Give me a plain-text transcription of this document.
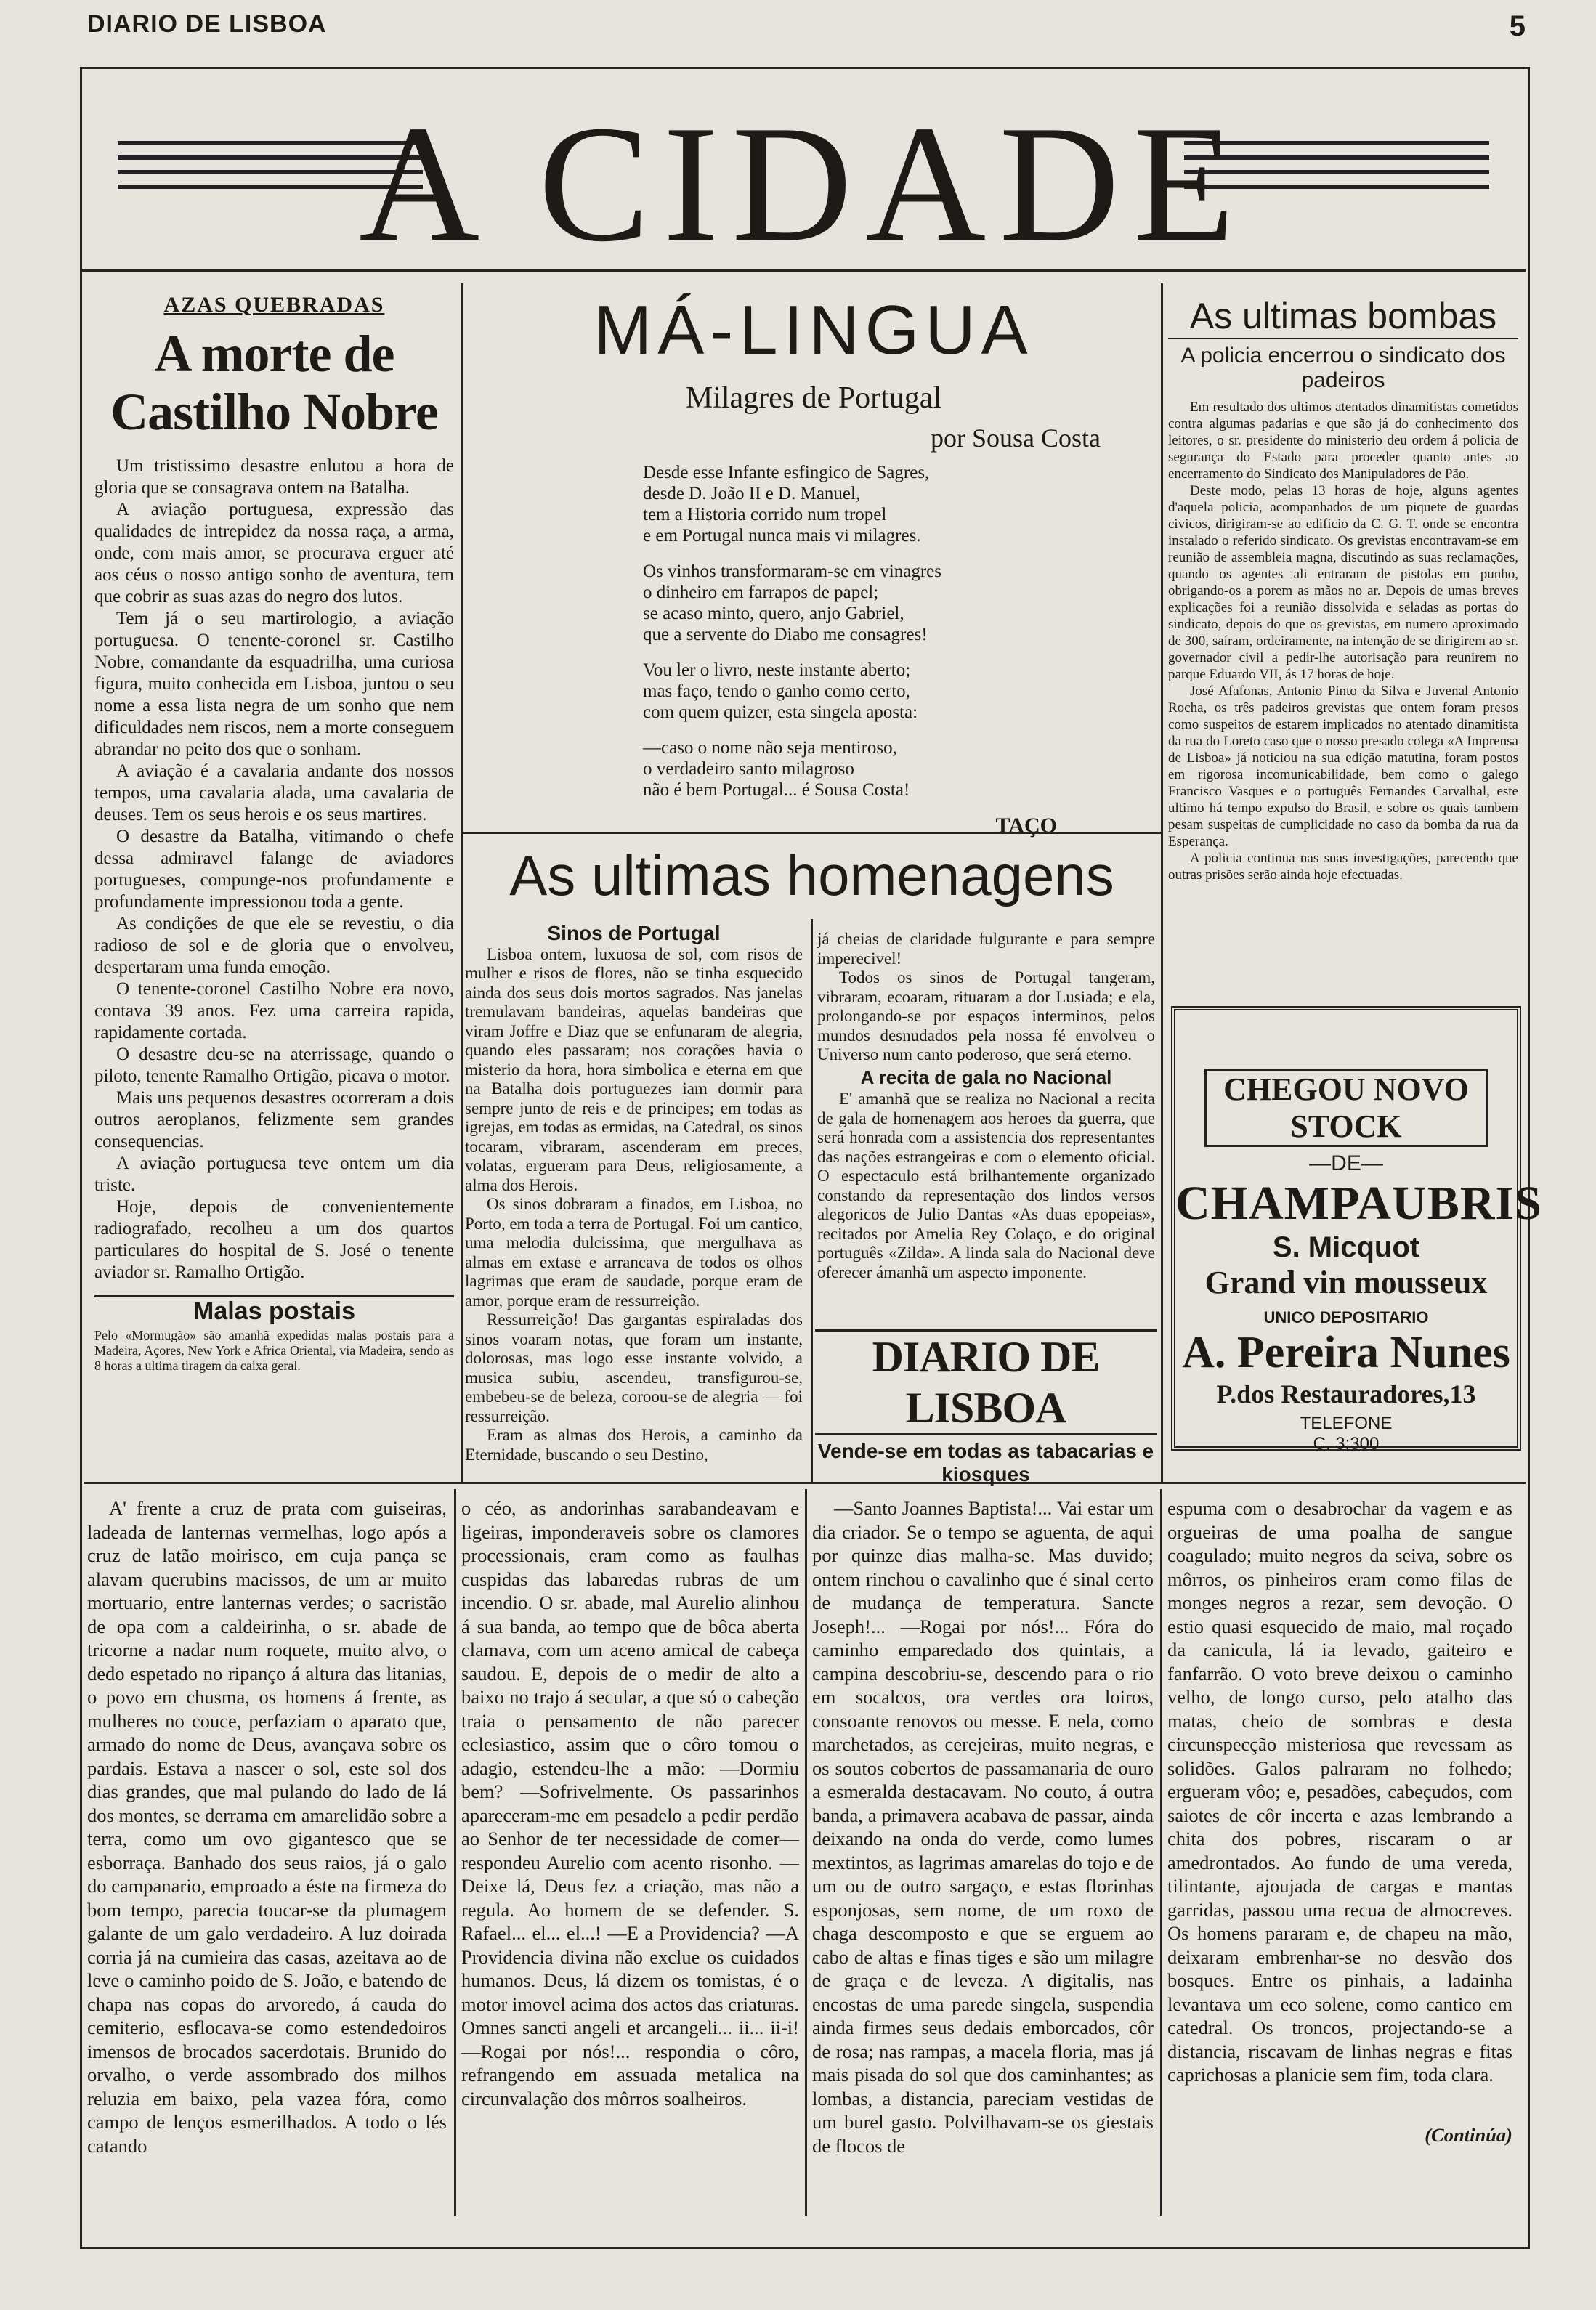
DIARIO DE LISBOA	5
A CIDADE
AZAS QUEBRADAS
A morte de Castilho Nobre

Um tristissimo desastre enlutou a hora de gloria que se consagrava ontem na Batalha.

A aviação portuguesa, expressão das qualidades de intrepidez da nossa raça, a arma, onde, com mais amor, se procurava erguer até aos céus o nosso antigo sonho de aventura, tem que cobrir as suas azas do negro dos lutos.

Tem já o seu martirologio, a aviação portuguesa. O tenente-coronel sr. Castilho Nobre, comandante da esquadrilha, uma curiosa figura, muito conhecida em Lisboa, juntou o seu nome a essa lista negra de um sonho que nem dificuldades nem riscos, nem a morte conseguem abrandar no peito dos que o sonham.

A aviação é a cavalaria andante dos nossos tempos, uma cavalaria alada, uma cavalaria de deuses. Tem os seus herois e os seus martires.

O desastre da Batalha, vitimando o chefe dessa admiravel falange de aviadores portugueses, compunge-nos profundamente e profundamente impressionou toda a gente.

As condições de que ele se revestiu, o dia radioso de sol e de gloria que o envolveu, despertaram uma funda emoção.

O tenente-coronel Castilho Nobre era novo, contava 39 anos. Fez uma carreira rapida, rapidamente cortada.

O desastre deu-se na aterrissage, quando o piloto, tenente Ramalho Ortigão, picava o motor.

Mais uns pequenos desastres ocorreram a dois outros aeroplanos, felizmente sem grandes consequencias.

A aviação portuguesa teve ontem um dia triste.

Hoje, depois de convenientemente radiografado, recolheu a um dos quartos particulares do hospital de S. José o tenente aviador sr. Ramalho Ortigão.

Malas postais
Pelo «Mormugão» são amanhã expedidas malas postais para a Madeira, Açores, New York e Africa Oriental, via Madeira, sendo as 8 horas a ultima tiragem da caixa geral.
MÁ-LINGUA
Milagres de Portugal
por Sousa Costa
Desde esse Infante esfingico de Sagres,
desde D. João II e D. Manuel,
tem a Historia corrido num tropel
e em Portugal nunca mais vi milagres.
Os vinhos transformaram-se em vinagres
o dinheiro em farrapos de papel;
se acaso minto, quero, anjo Gabriel,
que a servente do Diabo me consagres!
Vou ler o livro, neste instante aberto;
mas faço, tendo o ganho como certo,
com quem quizer, esta singela aposta:
—caso o nome não seja mentiroso,
o verdadeiro santo milagroso
não é bem Portugal... é Sousa Costa!
TAÇO
As ultimas homenagens
Sinos de Portugal

Lisboa ontem, luxuosa de sol, com risos de mulher e risos de flores, não se tinha esquecido ainda dos seus dois mortos sagrados. Nas janelas tremulavam bandeiras, aquelas bandeiras que viram Joffre e Diaz que se enfunaram de alegria, quando eles passaram; nos corações havia o misterio da hora, hora simbolica e eterna em que na Batalha dois portuguezes iam dormir para sempre junto de reis e de principes; em todas as igrejas, em todas as ermidas, na Catedral, os sinos tocaram, vibraram, ascenderam em preces, volatas, ergueram para Deus, religiosamente, a alma dos Herois.

Os sinos dobraram a finados, em Lisboa, no Porto, em toda a terra de Portugal. Foi um cantico, uma melodia dulcissima, que mergulhava as almas em extase e arrancava de todos os olhos lagrimas que eram de saudade, porque eram de amor, porque eram de ressurreição.

Ressurreição! Das gargantas espiraladas dos sinos voaram notas, que foram um instante, dolorosas, mas logo esse instante volvido, a musica subiu, ascendeu, transfigurou-se, embebeu-se de beleza, coroou-se de alegria — foi ressurreição.

Eram as almas dos Herois, a caminho da Eternidade, buscando o seu Destino,

já cheias de claridade fulgurante e para sempre imperecivel!

Todos os sinos de Portugal tangeram, vibraram, ecoaram, rituaram a dor Lusiada; e ela, prolongando-se por espaços interminos, pelos mundos desnudados pela nossa fé envolveu o Universo num canto poderoso, que será eterno.

A recita de gala no Nacional

E' amanhã que se realiza no Nacional a recita de gala de homenagem aos heroes da guerra, que será honrada com a assistencia dos representantes das nações estrangeiras e com o elemento oficial. O espectaculo está brilhantemente organizado constando da representação dos lindos versos alegoricos de Julio Dantas «As duas epopeias», recitados por Amelia Rey Colaço, e do original português «Zilda». A linda sala do Nacional deve oferecer ámanhã um aspecto imponente.

DIARIO DE LISBOA
Vende-se em todas as tabacarias e kiosques
As ultimas bombas
A policia encerrou o sindicato dos padeiros

Em resultado dos ultimos atentados dinamitistas cometidos contra algumas padarias e que são já do conhecimento dos leitores, o sr. presidente do ministerio deu ordem á policia de segurança do Estado para proceder quanto antes ao encerramento do Sindicato dos Manipuladores de Pão.

Deste modo, pelas 13 horas de hoje, alguns agentes d'aquela policia, acompanhados de um piquete de guardas civicos, dirigiram-se ao edificio da C. G. T. onde se encontra instalado o referido sindicato. Os grevistas encontravam-se em reunião de assembleia magna, discutindo as suas reclamações, quando os agentes ali entraram de pistolas em punho, obrigando-os a porem as mãos no ar. Depois de umas breves explicações foi a reunião dissolvida e seladas as portas do sindicato, depois do que os grevistas, em numero aproximado de 300, saíram, ordeiramente, na intenção de se dirigirem ao sr. governador civil a pedir-lhe autorisação para reunirem no parque Eduardo VII, ás 17 horas de hoje.

José Afafonas, Antonio Pinto da Silva e Juvenal Antonio Rocha, os três padeiros grevistas que ontem foram presos como suspeitos de estarem implicados no atentado dinamitista da rua do Loreto caso que o nosso presado colega «A Imprensa de Lisboa» já noticiou na sua edição matutina, foram postos em rigorosa incomunicabilidade, bem como o galego Francisco Vasques e o português Fernandes Carvalhal, este ultimo há tempo expulso do Brasil, e sobre os quais tambem pesam suspeitas de cumplicidade no caso da bomba da rua da Esperança.

A policia continua nas suas investigações, parecendo que outras prisões serão ainda hoje efectuadas.

CHEGOU NOVO STOCK
—DE—
CHAMPAUBRIS
S. Micquot
Grand vin mousseux
UNICO DEPOSITARIO
A. Pereira Nunes
P.dos Restauradores,13
TELEFONE
C. 3:300

A' frente a cruz de prata com guiseiras, ladeada de lanternas vermelhas, logo após a cruz de latão moirisco, em cuja pança se alavam querubins macissos, de um ar muito mortuario, entre lanternas verdes; o sacristão de opa com a caldeirinha, o sr. abade de tricorne a nadar num roquete, muito alvo, o dedo espetado no ripanço á altura das litanias, o povo em chusma, os homens á frente, as mulheres no couce, perfaziam o aparato que, armado do nome de Deus, avançava sobre os pardais. Estava a nascer o sol, este sol dos dias grandes, que mal pulando do lado de lá dos montes, se derrama em amarelidão sobre a terra, como um ovo gigantesco que se esborraça. Banhado dos seus raios, já o galo do campanario, emproado a éste na firmeza do bom tempo, parecia toucar-se da plumagem galante de um galo verdadeiro. A luz doirada corria já na cumieira das casas, azeitava ao de leve o caminho poido de S. João, e batendo de chapa nas copas do arvoredo, á cauda do cemiterio, esflocava-se como estendedoiros imensos de brocados sacerdotais. Brunido do orvalho, o verde assombrado dos milhos reluzia em baixo, pela vazea fóra, como campo de lenços esmerilhados. A todo o lés catando

o céo, as andorinhas sarabandeavam e ligeiras, imponderaveis sobre os clamores processionais, eram como as faulhas cuspidas das labaredas rubras de um incendio. O sr. abade, mal Aurelio alinhou á sua banda, ao tempo que de bôca aberta clamava, com um aceno amical de cabeça saudou. E, depois de o medir de alto a baixo no trajo á secular, a que só o cabeção traia o pensamento de não parecer eclesiastico, assim que o côro tomou o adagio, estendeu-lhe a mão: —Dormiu bem? —Sofrivelmente. Os passarinhos apareceram-me em pesadelo a pedir perdão ao Senhor de ter necessidade de comer—respondeu Aurelio com acento risonho. —Deixe lá, Deus fez a criação, mas não a regula. Ao homem de se defender. S. Rafael... el... el...! —E a Providencia? —A Providencia divina não exclue os cuidados humanos. Deus, lá dizem os tomistas, é o motor imovel acima dos actos das criaturas. Omnes sancti angeli et arcangeli... ii... ii-i! —Rogai por nós!... respondia o côro, refrangendo em assuada metalica na circunvalação dos môrros soalheiros.

—Santo Joannes Baptista!... Vai estar um dia criador. Se o tempo se aguenta, de aqui por quinze dias malha-se. Mas duvido; ontem rinchou o cavalinho que é sinal certo de mudança de temperatura. Sancte Joseph!... —Rogai por nós!... Fóra do caminho emparedado dos quintais, a campina descobriu-se, descendo para o rio em socalcos, ora verdes ora loiros, consoante renovos ou messe. E nela, como marchetados, as cerejeiras, muito negras, e os soutos cobertos de passamanaria de ouro a esmeralda destacavam. No couto, á outra banda, a primavera acabava de passar, ainda deixando na onda do verde, como lumes mextintos, as lagrimas amarelas do tojo e de um ou de outro sargaço, e estas florinhas esponjosas, sem nome, de um roxo de chaga descomposto e que se erguem ao cabo de altas e finas tiges e são um milagre de graça e de leveza. A digitalis, nas encostas de uma parede singela, suspendia ainda firmes seus dedais emborcados, côr de rosa; nas rampas, a macela floria, mas já mais pisada do sol que dos caminhantes; as lombas, a distancia, pareciam vestidas de um burel gasto. Polvilhavam-se os giestais de flocos de

espuma com o desabrochar da vagem e as orgueiras de uma poalha de sangue coagulado; muito negros da seiva, sobre os môrros, os pinheiros eram como filas de monges negros a rezar, sem devoção. O estio quasi esquecido de maio, mal roçado da canicula, lá ia levado, gaiteiro e fanfarrão. O voto breve deixou o caminho velho, de longo curso, pelo atalho das matas, cheio de sombras e desta circunspecção misteriosa que revessam as solidões. Galos palraram no folhedo; ergueram vôo; e, pesadões, cabeçudos, com saiotes de côr incerta e azas lembrando a chita dos pobres, riscaram o ar amedrontados. Ao fundo de uma vereda, tilintante, ajoujada de cargas e mantas garridas, passou uma recua de almocreves. Os homens pararam e, de chapeu na mão, deixaram embrenhar-se no desvão dos bosques. Entre os pinhais, a ladainha levantava um eco solene, como cantico em catedral. Os troncos, projectando-se a distancia, riscavam de linhas negras e fitas caprichosas a planicie sem fim, toda clara.

(Continúa)
